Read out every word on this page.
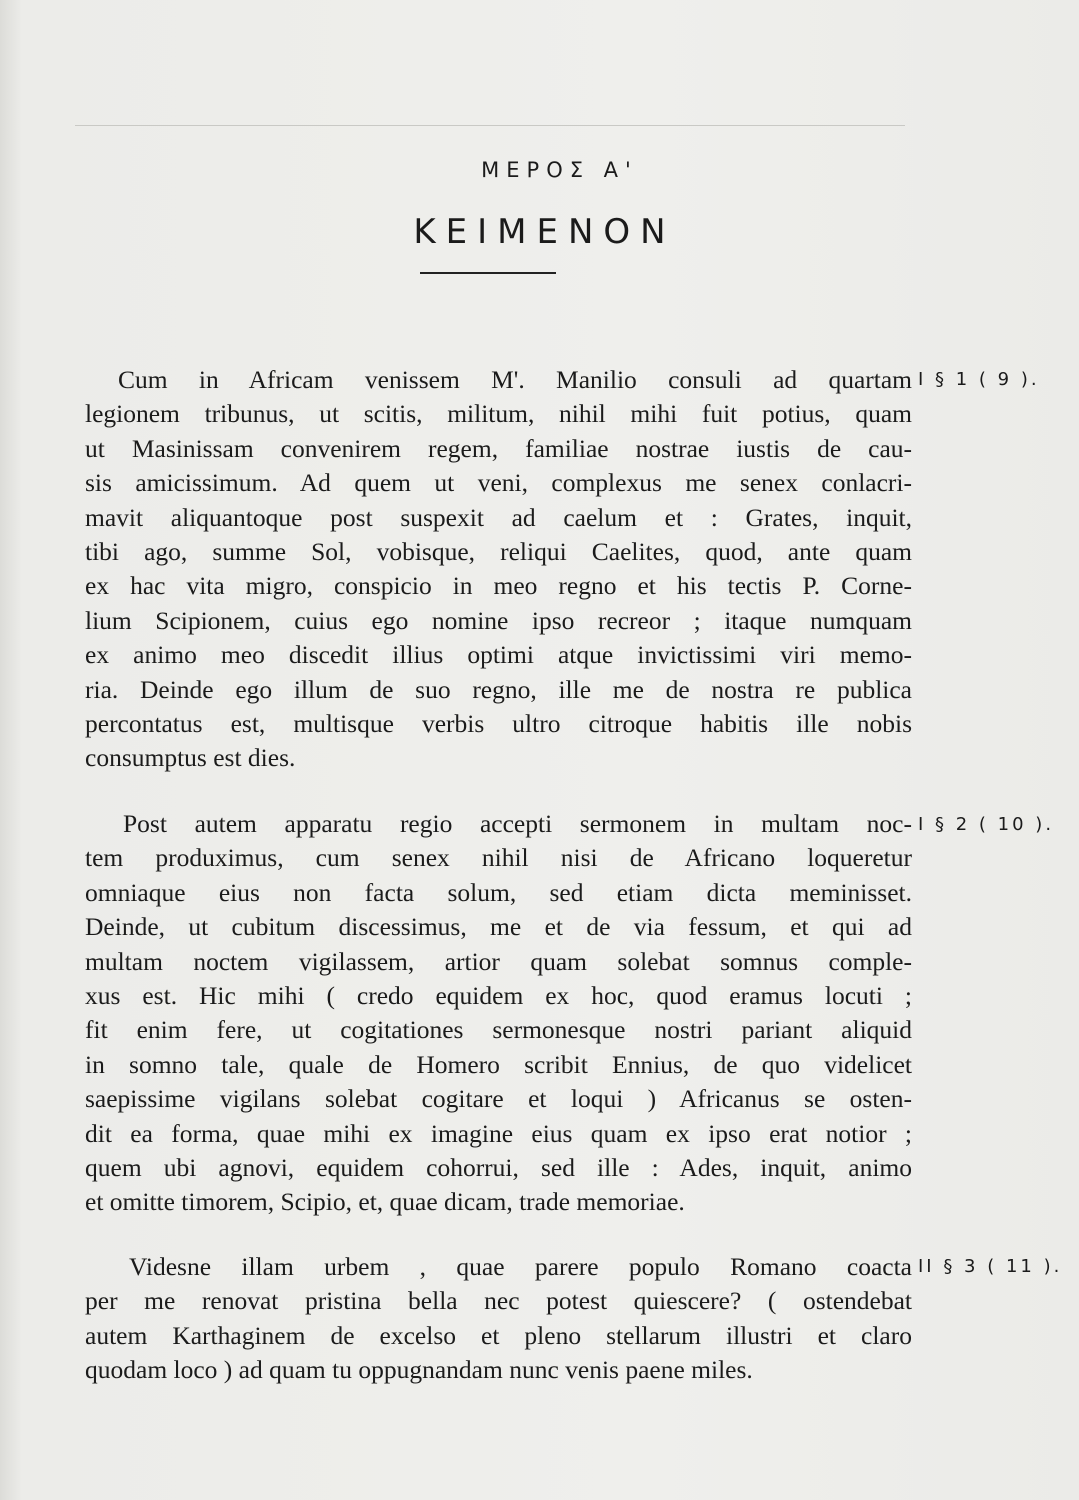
ΜΕΡΟΣ Α'
ΚΕΙΜΕΝΟΝ

Cum in Africam venissem M'. Manilio consuli ad quartam
legionem tribunus, ut scitis, militum, nihil mihi fuit potius, quam
ut Masinissam convenirem regem, familiae nostrae iustis de cau-
sis amicissimum. Ad quem ut veni, complexus me senex conlacri-
mavit aliquantoque post suspexit ad caelum et : Grates, inquit,
tibi ago, summe Sol, vobisque, reliqui Caelites, quod, ante quam
ex hac vita migro, conspicio in meo regno et his tectis P. Corne-
lium Scipionem, cuius ego nomine ipso recreor ; itaque numquam
ex animo meo discedit illius optimi atque invictissimi viri memo-
ria. Deinde ego illum de suo regno, ille me de nostra re publica
percontatus est, multisque verbis ultro citroque habitis ille nobis
consumptus est dies.

I § 1 ( 9 ).

Post autem apparatu regio accepti sermonem in multam noc-
tem produximus, cum senex nihil nisi de Africano loqueretur
omniaque eius non facta solum, sed etiam dicta meminisset.
Deinde, ut cubitum discessimus, me et de via fessum, et qui ad
multam noctem vigilassem, artior quam solebat somnus comple-
xus est. Hic mihi ( credo equidem ex hoc, quod eramus locuti ;
fit enim fere, ut cogitationes sermonesque nostri pariant aliquid
in somno tale, quale de Homero scribit Ennius, de quo videlicet
saepissime vigilans solebat cogitare et loqui ) Africanus se osten-
dit ea forma, quae mihi ex imagine eius quam ex ipso erat notior ;
quem ubi agnovi, equidem cohorrui, sed ille : Ades, inquit, animo
et omitte timorem, Scipio, et, quae dicam, trade memoriae.

I § 2 ( 10 ).

Videsne illam urbem , quae parere populo Romano coacta
per me renovat pristina bella nec potest quiescere? ( ostendebat
autem Karthaginem de excelso et pleno stellarum illustri et claro
quodam loco ) ad quam tu oppugnandam nunc venis paene miles.

II § 3 ( 11 ).
